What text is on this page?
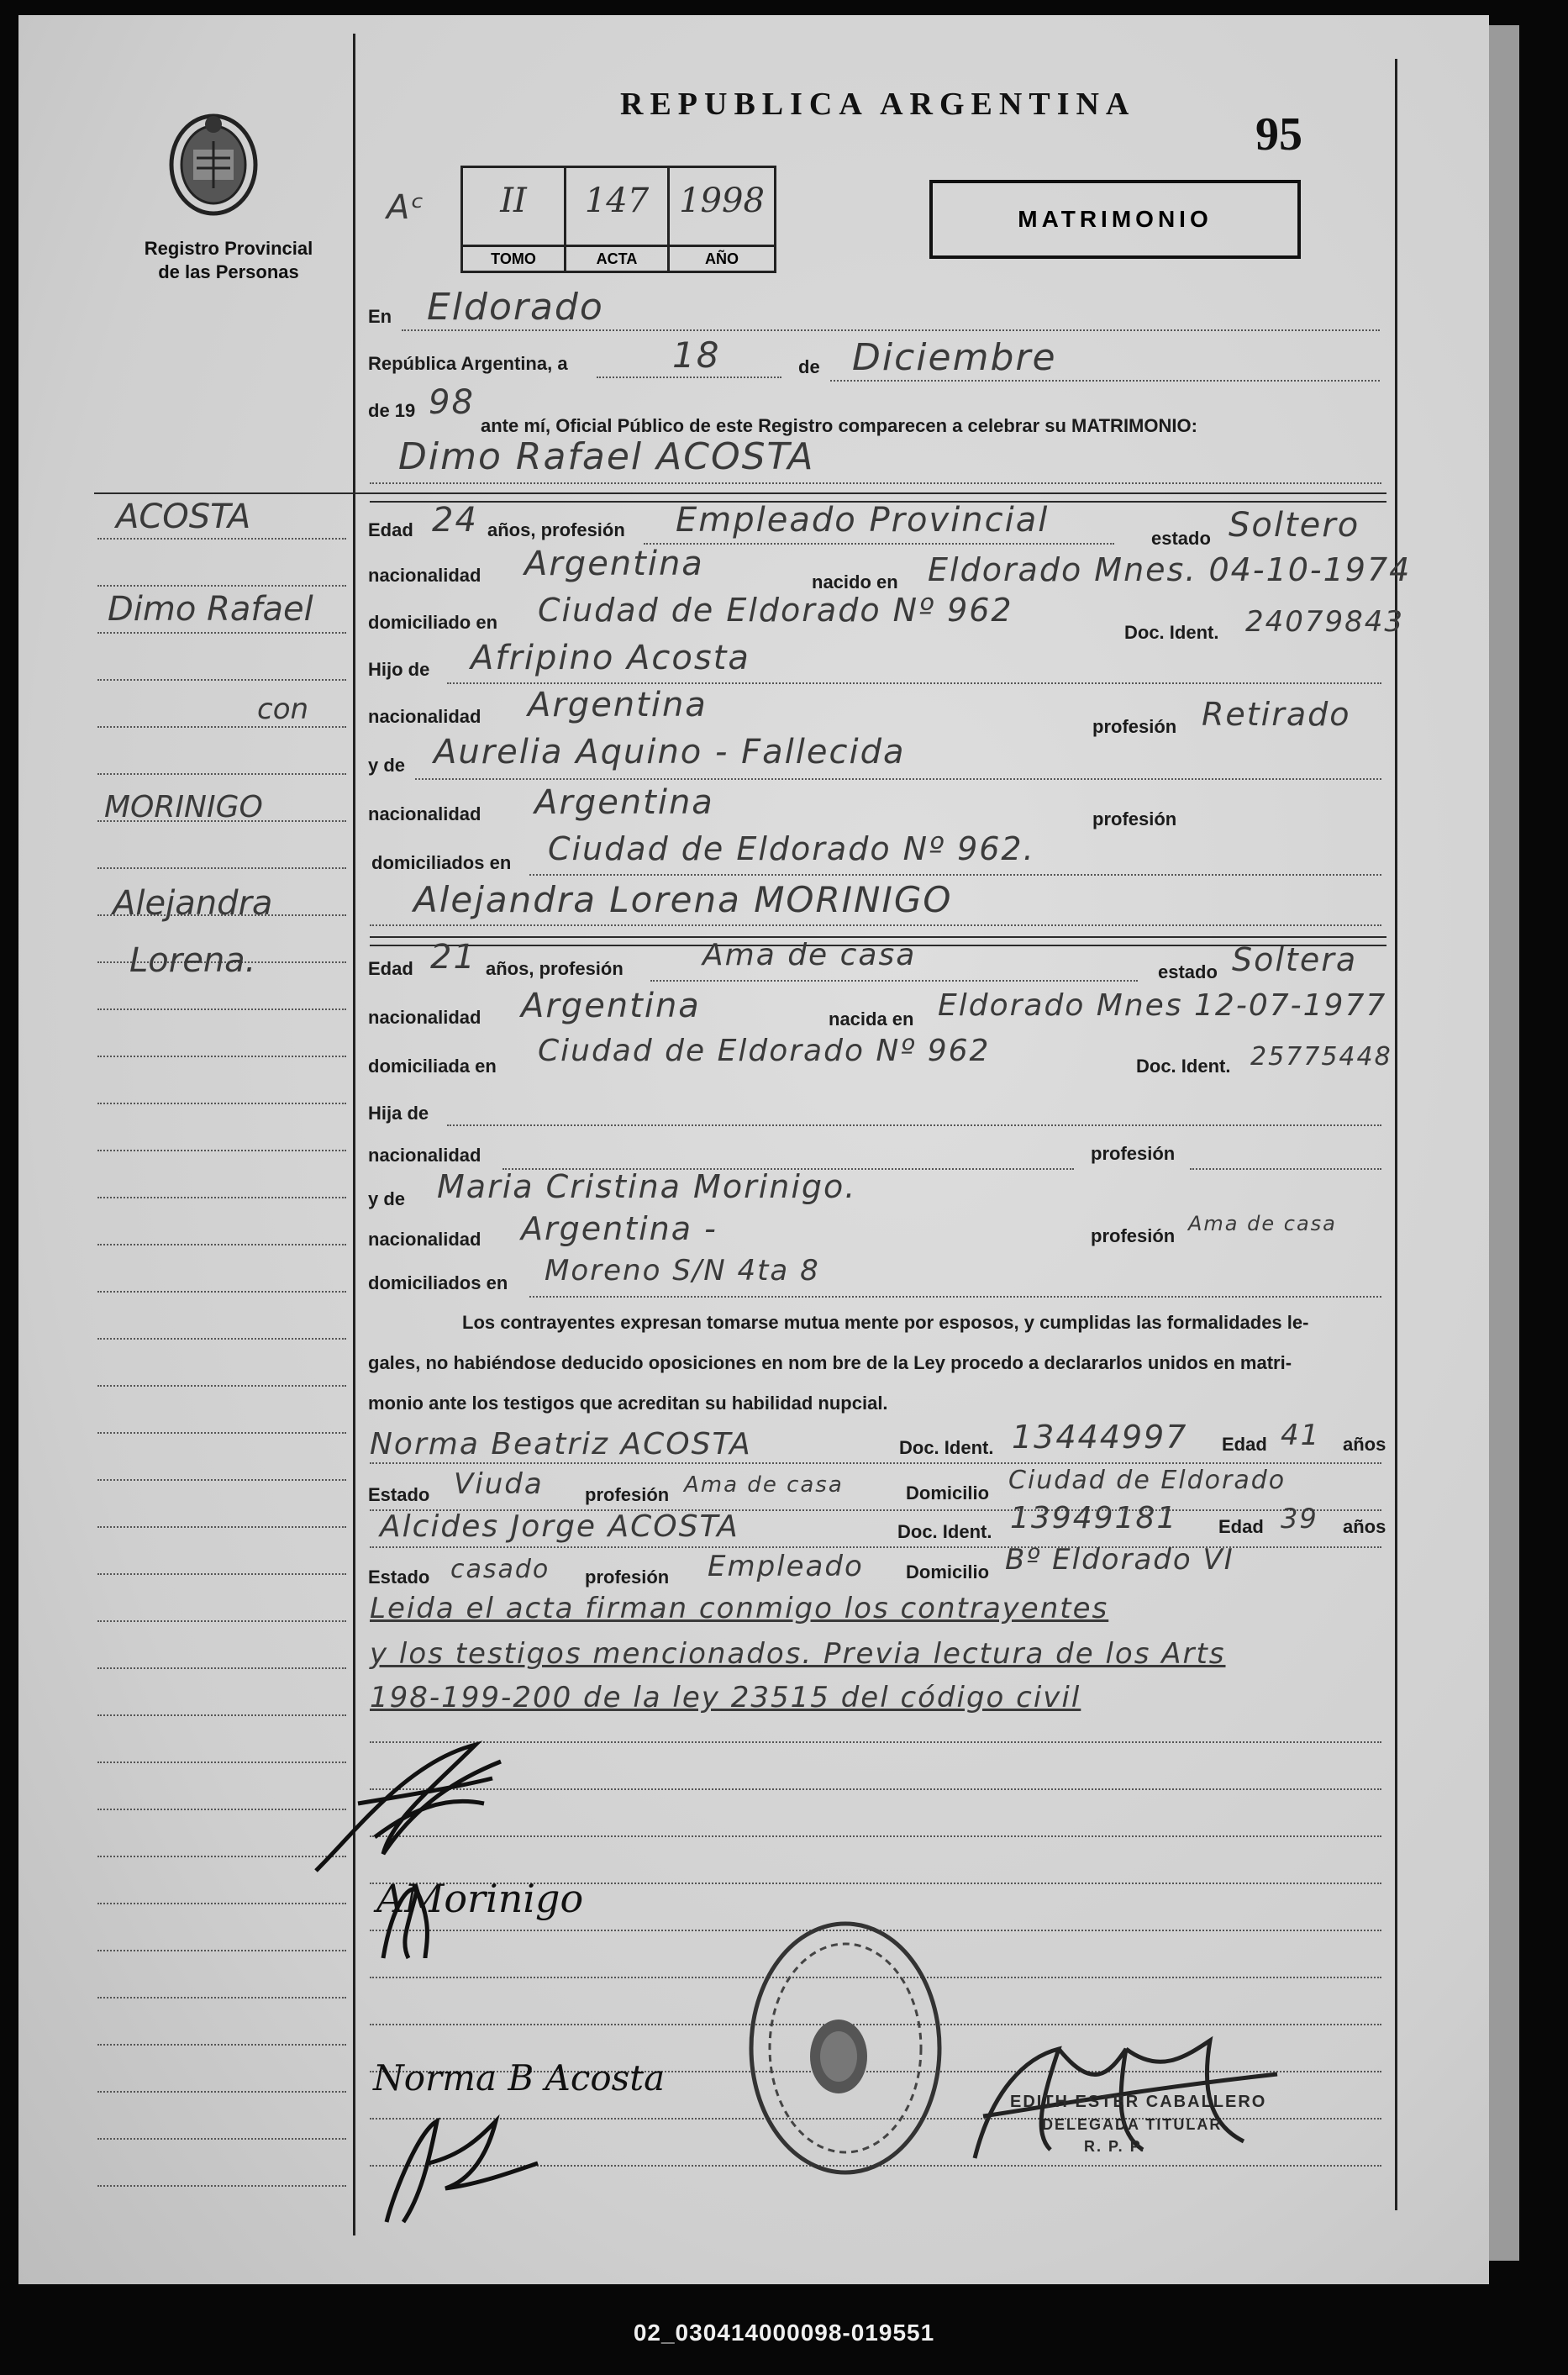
Registro Provincial
de las Personas
REPUBLICA ARGENTINA
95
Aᶜ	II
TOMO
147
ACTA
1998
AÑO
MATRIMONIO
En Eldorado
República Argentina, a	18	de Diciembre
de 19 98
ante mí, Oficial Público de este Registro comparecen a celebrar su MATRIMONIO:
Dimo Rafael ACOSTA
Edad 24 años, profesión Empleado Provincial	estado Soltero
nacionalidad Argentina	nacido en Eldorado Mnes. 04-10-1974
domiciliado en Ciudad de Eldorado Nº 962
Doc. Ident. 24079843
Hijo de Afripino Acosta
nacionalidad Argentina
profesión Retirado
y de Aurelia Aquino - Fallecida
nacionalidad Argentina	profesión
domiciliados en Ciudad de Eldorado Nº 962.
Alejandra Lorena MORINIGO
Edad 21 años, profesión	Ama de casa	estado Soltera
nacionalidad Argentina	nacida en Eldorado Mnes 12-07-1977
domiciliada en Ciudad de Eldorado Nº 962	Doc. Ident. 25775448
Hija de
nacionalidad	profesión
y de Maria Cristina Morinigo.
nacionalidad Argentina -	profesión
Ama de casa
domiciliados en Moreno S/N 4ta 8
Los contrayentes expresan tomarse mutua mente por esposos, y cumplidas las formalidades le-
gales, no habiéndose deducido oposiciones en nom bre de la Ley procedo a declararlos unidos en matri-
monio ante los testigos que acreditan su habilidad nupcial.
Norma Beatriz ACOSTA	Doc. Ident. 13444997 Edad 41 años
Estado Viuda profesión Ama de casa	Domicilio Ciudad de Eldorado
Alcides Jorge ACOSTA	Doc. Ident. 13949181 Edad 39 años
Estado casado profesión Empleado Domicilio Bº Eldorado VI
Leida el acta firman conmigo los contrayentes
y los testigos mencionados. Previa lectura de los Arts
198-199-200 de la ley 23515 del código civil
ACOSTA
Dimo Rafael
con
MORINIGO
Alejandra
Lorena.
AMorinigo
Norma B Acosta
EDITH ESTER CABALLERO
DELEGADA TITULAR
R. P. P.
02_030414000098-019551
